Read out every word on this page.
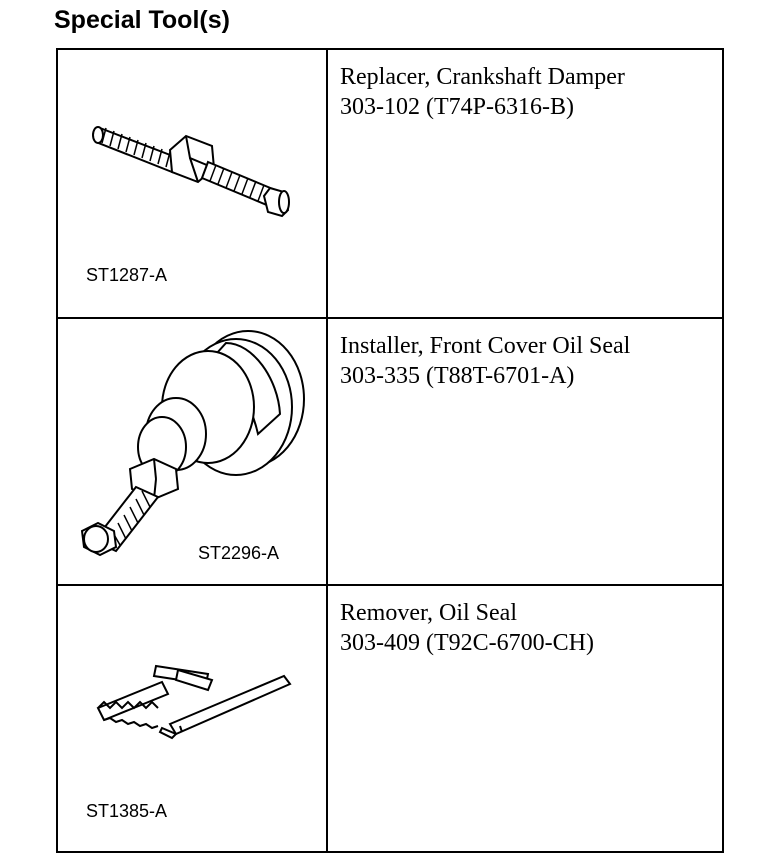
Special Tool(s)
ST1287-A	Replacer, Crankshaft Damper
303-102 (T74P-6316-B)

ST2296-A	Installer, Front Cover Oil Seal
303-335 (T88T-6701-A)

ST1385-A	Remover, Oil Seal
303-409 (T92C-6700-CH)
